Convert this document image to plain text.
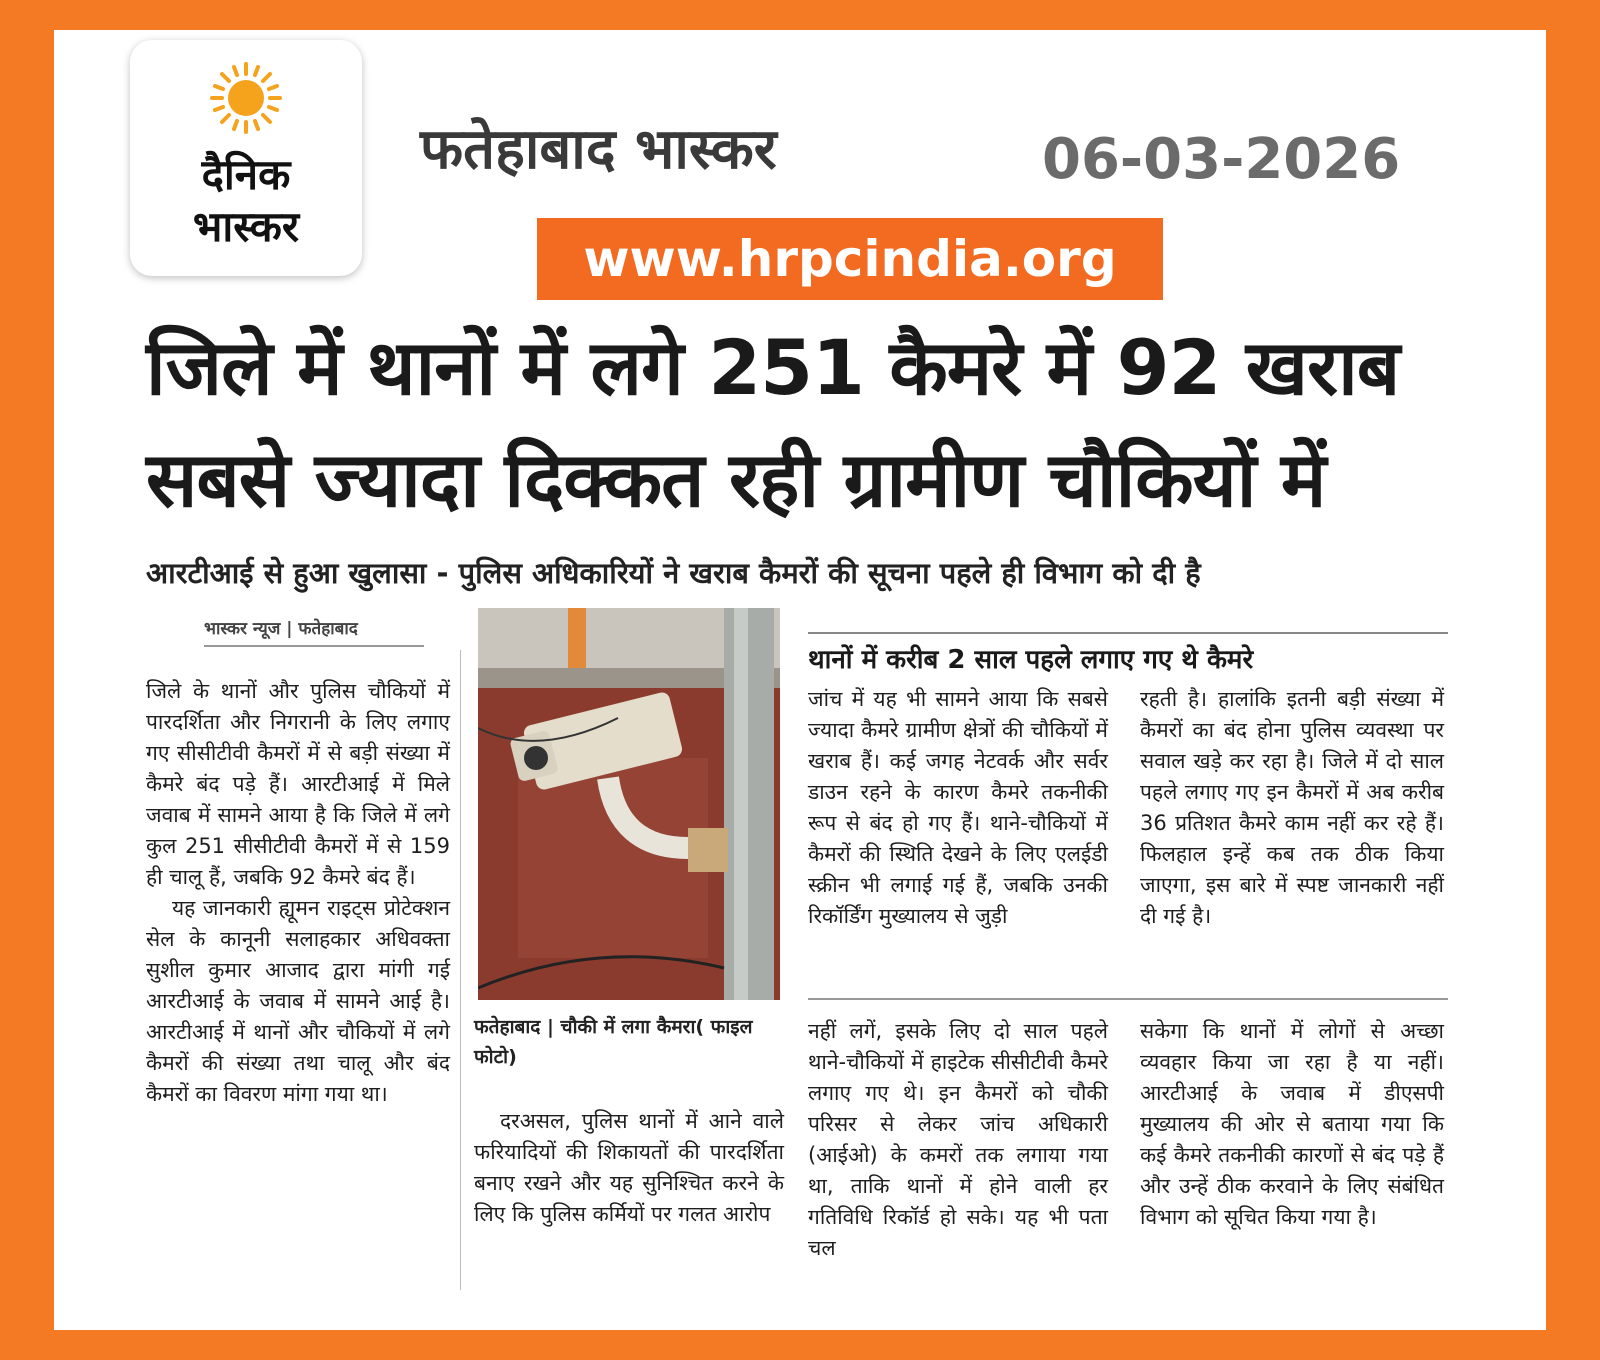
दैनिक
भास्कर
फतेहाबाद भास्कर	06-03-2026
www.hrpcindia.org
जिले में थानों में लगे 251 कैमरे में 92 खराब
सबसे ज्यादा दिक्कत रही ग्रामीण चौकियों में
आरटीआई से हुआ खुलासा - पुलिस अधिकारियों ने खराब कैमरों की सूचना पहले ही विभाग को दी है
भास्कर न्यूज | फतेहाबाद

जिले के थानों और पुलिस चौकियों में पारदर्शिता और निगरानी के लिए लगाए गए सीसीटीवी कैमरों में से बड़ी संख्या में कैमरे बंद पड़े हैं। आरटीआई में मिले जवाब में सामने आया है कि जिले में लगे कुल 251 सीसीटीवी कैमरों में से 159 ही चालू हैं, जबकि 92 कैमरे बंद हैं।

यह जानकारी ह्यूमन राइट्स प्रोटेक्शन सेल के कानूनी सलाहकार अधिवक्ता सुशील कुमार आजाद द्वारा मांगी गई आरटीआई के जवाब में सामने आई है। आरटीआई में थानों और चौकियों में लगे कैमरों की संख्या तथा चालू और बंद कैमरों का विवरण मांगा गया था।

फतेहाबाद | चौकी में लगा कैमरा( फाइल फोटो)

दरअसल, पुलिस थानों में आने वाले फरियादियों की शिकायतों की पारदर्शिता बनाए रखने और यह सुनिश्चित करने के लिए कि पुलिस कर्मियों पर गलत आरोप

थानों में करीब 2 साल पहले लगाए गए थे कैमरे

जांच में यह भी सामने आया कि सबसे ज्यादा कैमरे ग्रामीण क्षेत्रों की चौकियों में खराब हैं। कई जगह नेटवर्क और सर्वर डाउन रहने के कारण कैमरे तकनीकी रूप से बंद हो गए हैं। थाने-चौकियों में कैमरों की स्थिति देखने के लिए एलईडी स्क्रीन भी लगाई गई हैं, जबकि उनकी रिकॉर्डिंग मुख्यालय से जुड़ी

रहती है। हालांकि इतनी बड़ी संख्या में कैमरों का बंद होना पुलिस व्यवस्था पर सवाल खड़े कर रहा है। जिले में दो साल पहले लगाए गए इन कैमरों में अब करीब 36 प्रतिशत कैमरे काम नहीं कर रहे हैं। फिलहाल इन्हें कब तक ठीक किया जाएगा, इस बारे में स्पष्ट जानकारी नहीं दी गई है।

नहीं लगें, इसके लिए दो साल पहले थाने-चौकियों में हाइटेक सीसीटीवी कैमरे लगाए गए थे। इन कैमरों को चौकी परिसर से लेकर जांच अधिकारी (आईओ) के कमरों तक लगाया गया था, ताकि थानों में होने वाली हर गतिविधि रिकॉर्ड हो सके। यह भी पता चल

सकेगा कि थानों में लोगों से अच्छा व्यवहार किया जा रहा है या नहीं। आरटीआई के जवाब में डीएसपी मुख्यालय की ओर से बताया गया कि कई कैमरे तकनीकी कारणों से बंद पड़े हैं और उन्हें ठीक करवाने के लिए संबंधित विभाग को सूचित किया गया है।
